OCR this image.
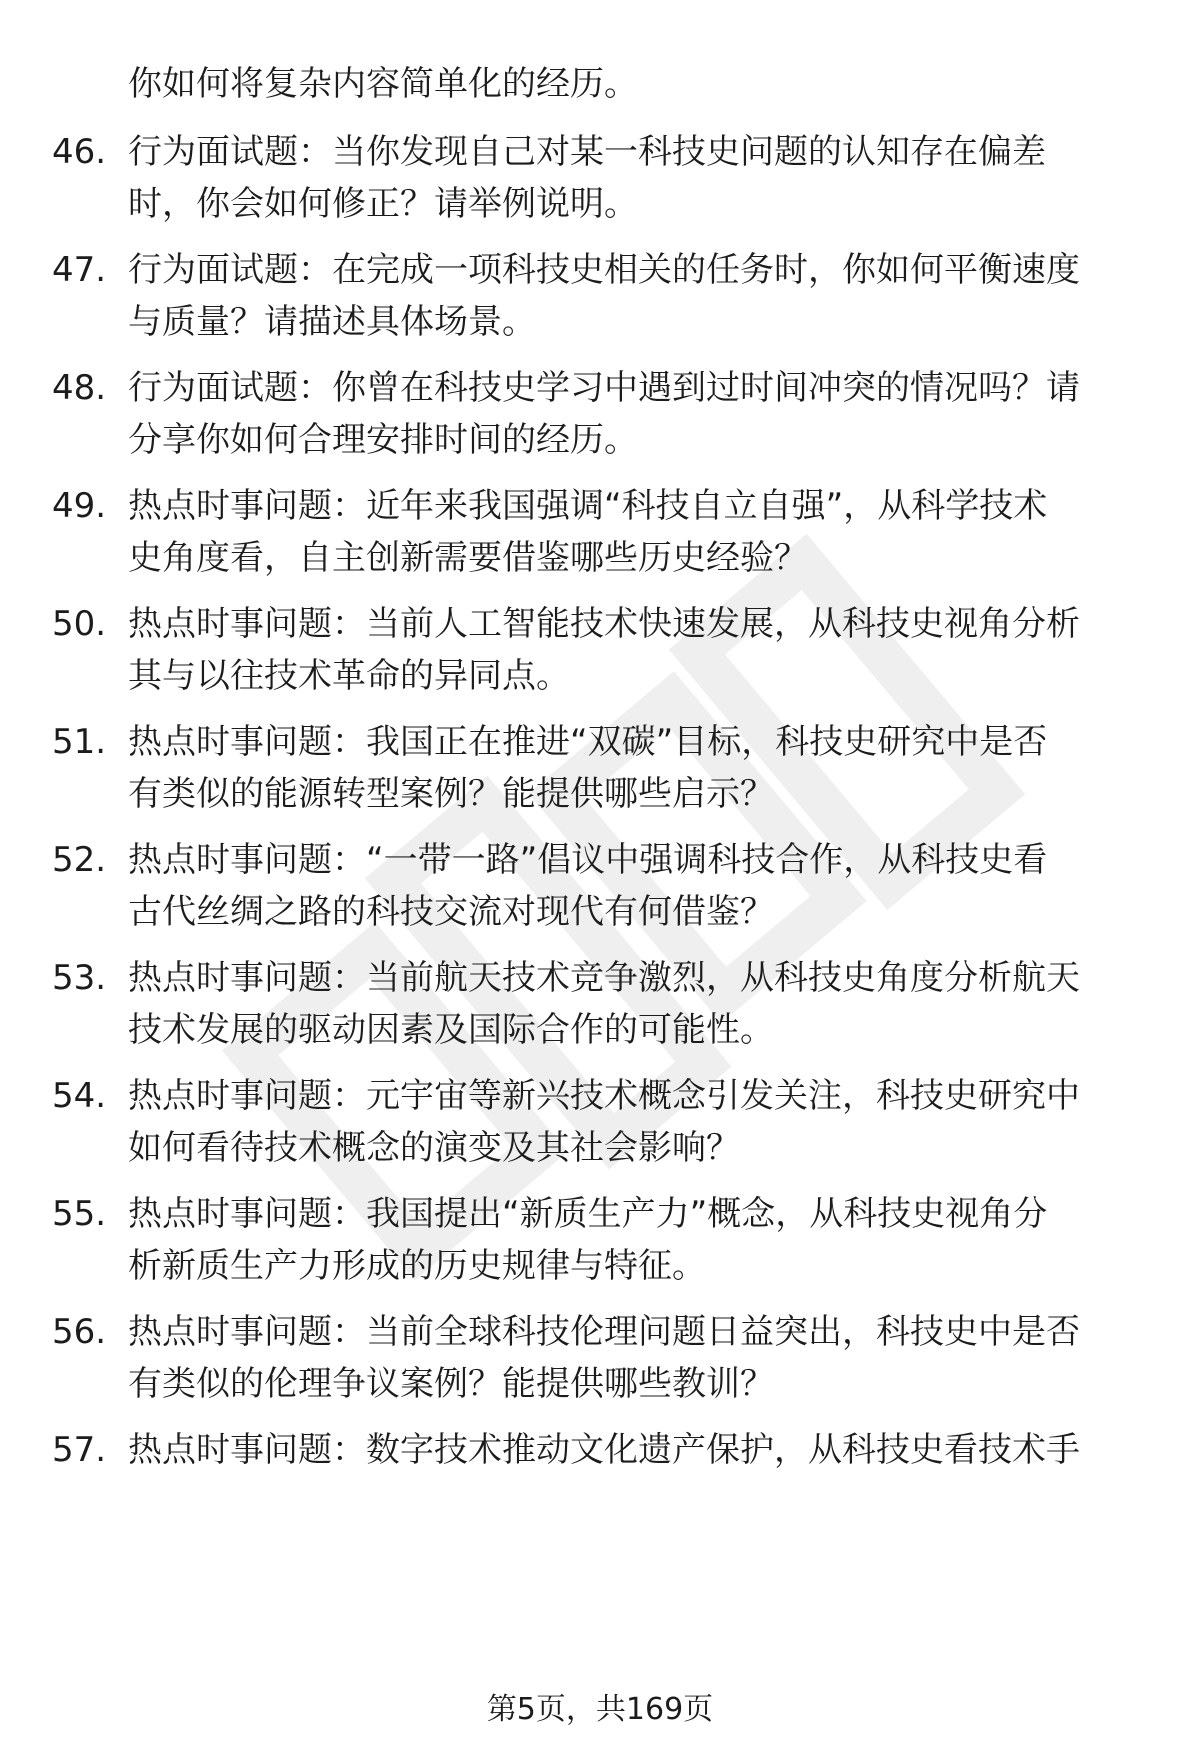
你如何将复杂内容简单化的经历。
46. 行为面试题：当你发现自己对某一科技史问题的认知存在偏差
时，你会如何修正？请举例说明。
47. 行为面试题：在完成一项科技史相关的任务时，你如何平衡速度
与质量？请描述具体场景。
48. 行为面试题：你曾在科技史学习中遇到过时间冲突的情况吗？请
分享你如何合理安排时间的经历。
49. 热点时事问题：近年来我国强调“科技自立自强”，从科学技术
史角度看，自主创新需要借鉴哪些历史经验？
50. 热点时事问题：当前人工智能技术快速发展，从科技史视角分析
其与以往技术革命的异同点。
51. 热点时事问题：我国正在推进“双碳”目标，科技史研究中是否
有类似的能源转型案例？能提供哪些启示？
52. 热点时事问题：“一带一路”倡议中强调科技合作，从科技史看
古代丝绸之路的科技交流对现代有何借鉴？
53. 热点时事问题：当前航天技术竞争激烈，从科技史角度分析航天
技术发展的驱动因素及国际合作的可能性。
54. 热点时事问题：元宇宙等新兴技术概念引发关注，科技史研究中
如何看待技术概念的演变及其社会影响？
55. 热点时事问题：我国提出“新质生产力”概念，从科技史视角分
析新质生产力形成的历史规律与特征。
56. 热点时事问题：当前全球科技伦理问题日益突出，科技史中是否
有类似的伦理争议案例？能提供哪些教训？
57. 热点时事问题：数字技术推动文化遗产保护，从科技史看技术手
第5页，共169页
